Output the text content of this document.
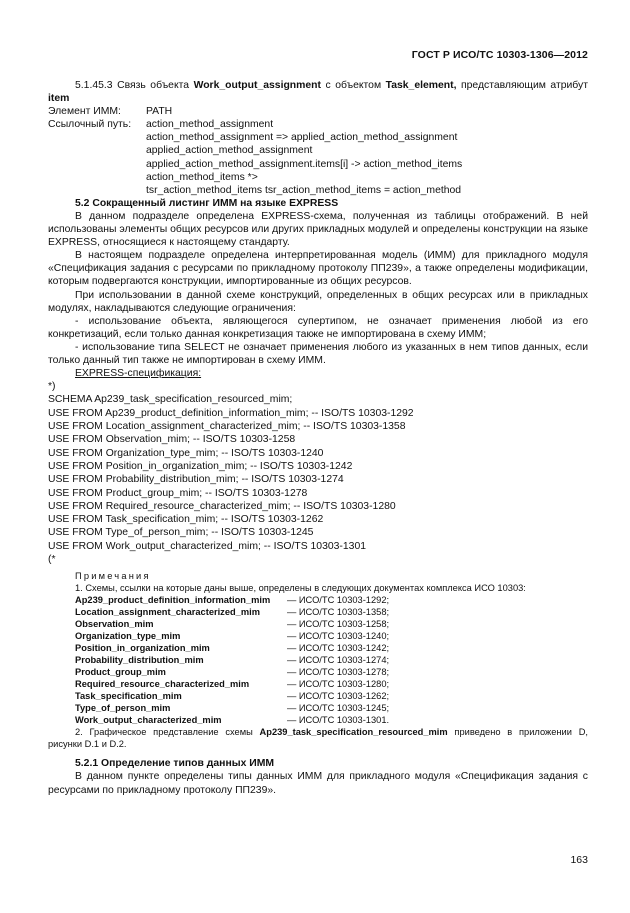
ГОСТ Р ИСО/ТС 10303-1306—2012

5.1.45.3 Связь объекта Work_output_assignment с объектом Task_element, представляющим атрибут item

Элемент ИММ:	PATH
Ссылочный путь:	action_method_assignment

action_method_assignment => applied_action_method_assignment

applied_action_method_assignment

applied_action_method_assignment.items[i] -> action_method_items

action_method_items *>

tsr_action_method_items tsr_action_method_items = action_method

5.2 Сокращенный листинг ИММ на языке EXPRESS

В данном подразделе определена EXPRESS-схема, полученная из таблицы отображений. В ней использованы элементы общих ресурсов или других прикладных модулей и определены конструкции на языке EXPRESS, относящиеся к настоящему стандарту.

В настоящем подразделе определена интерпретированная модель (ИММ) для прикладного модуля «Спецификация задания с ресурсами по прикладному протоколу ПП239», а также определены модификации, которым подвергаются конструкции, импортированные из общих ресурсов.

При использовании в данной схеме конструкций, определенных в общих ресурсах или в прикладных модулях, накладываются следующие ограничения:

- использование объекта, являющегося супертипом, не означает применения любой из его конкретизаций, если только данная конкретизация также не импортирована в схему ИММ;

- использование типа SELECT не означает применения любого из указанных в нем типов данных, если только данный тип также не импортирован в схему ИММ.

EXPRESS-спецификация:

*)

SCHEMA Ap239_task_specification_resourced_mim;

USE FROM Ap239_product_definition_information_mim; -- ISO/TS 10303-1292

USE FROM Location_assignment_characterized_mim; -- ISO/TS 10303-1358

USE FROM Observation_mim; -- ISO/TS 10303-1258

USE FROM Organization_type_mim; -- ISO/TS 10303-1240

USE FROM Position_in_organization_mim; -- ISO/TS 10303-1242

USE FROM Probability_distribution_mim; -- ISO/TS 10303-1274

USE FROM Product_group_mim; -- ISO/TS 10303-1278

USE FROM Required_resource_characterized_mim; -- ISO/TS 10303-1280

USE FROM Task_specification_mim; -- ISO/TS 10303-1262

USE FROM Type_of_person_mim; -- ISO/TS 10303-1245

USE FROM Work_output_characterized_mim; -- ISO/TS 10303-1301

(*

Примечания

1. Схемы, ссылки на которые даны выше, определены в следующих документах комплекса ИСО 10303:

Ap239_product_definition_information_mim	— ИСО/ТС 10303-1292;
Location_assignment_characterized_mim	— ИСО/ТС 10303-1358;
Observation_mim	— ИСО/ТС 10303-1258;
Organization_type_mim	— ИСО/ТС 10303-1240;
Position_in_organization_mim	— ИСО/ТС 10303-1242;
Probability_distribution_mim	— ИСО/ТС 10303-1274;
Product_group_mim	— ИСО/ТС 10303-1278;
Required_resource_characterized_mim	— ИСО/ТС 10303-1280;
Task_specification_mim	— ИСО/ТС 10303-1262;
Type_of_person_mim	— ИСО/ТС 10303-1245;
Work_output_characterized_mim	— ИСО/ТС 10303-1301.

2. Графическое представление схемы Ap239_task_specification_resourced_mim приведено в приложении D, рисунки D.1 и D.2.

5.2.1 Определение типов данных ИММ

В данном пункте определены типы данных ИММ для прикладного модуля «Спецификация задания с ресурсами по прикладному протоколу ПП239».

163
